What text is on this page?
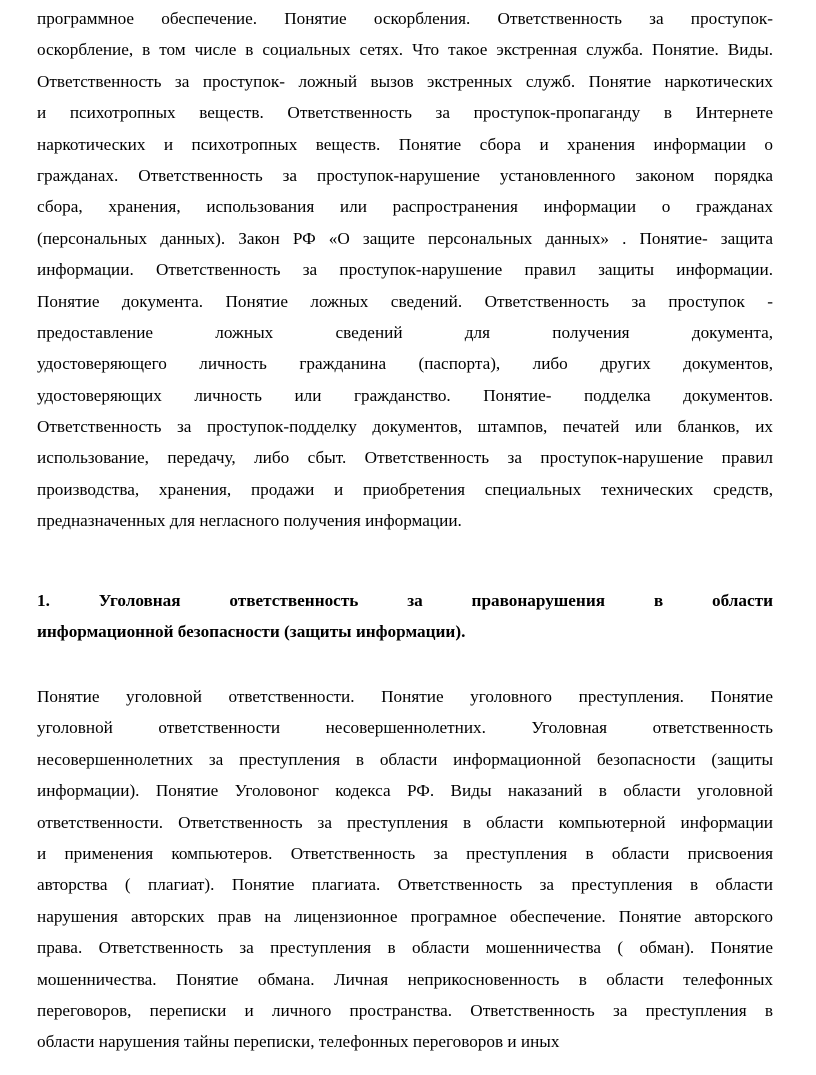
программное обеспечение. Понятие оскорбления. Ответственность за проступок-
оскорбление, в том числе в социальных сетях. Что такое экстренная служба. Понятие. Виды.
Ответственность за проступок- ложный вызов экстренных служб. Понятие наркотических
и психотропных веществ. Ответственность за проступок-пропаганду в Интернете
наркотических и психотропных веществ. Понятие сбора и хранения информации о
гражданах. Ответственность за проступок-нарушение установленного законом порядка
сбора, хранения, использования или распространения информации о гражданах
(персональных данных). Закон РФ «О защите персональных данных» . Понятие- защита
информации. Ответственность за проступок-нарушение правил защиты информации.
Понятие документа. Понятие ложных сведений. Ответственность за проступок -
предоставление ложных сведений для получения документа,
удостоверяющего личность гражданина (паспорта), либо других документов,
удостоверяющих личность или гражданство. Понятие- подделка документов.
Ответственность за проступок-подделку документов, штампов, печатей или бланков, их
использование, передачу, либо сбыт. Ответственность за проступок-нарушение правил
производства, хранения, продажи и приобретения специальных технических средств,
предназначенных для негласного получения информации.
1. Уголовная ответственность за правонарушения в области
информационной безопасности (защиты информации).
Понятие уголовной ответственности. Понятие уголовного преступления. Понятие
уголовной ответственности несовершеннолетних. Уголовная ответственность
несовершеннолетних за преступления в области информационной безопасности (защиты
информации). Понятие Уголовоног кодекса РФ. Виды наказаний в области уголовной
ответственности. Ответственность за преступления в области компьютерной информации
и применения компьютеров. Ответственность за преступления в области присвоения
авторства ( плагиат). Понятие плагиата. Ответственность за преступления в области
нарушения авторских прав на лицензионное програмное обеспечение. Понятие авторского
права. Ответственность за преступления в области мошенничества ( обман). Понятие
мошенничества. Понятие обмана. Личная неприкосновенность в области телефонных
переговоров, переписки и личного пространства. Ответственность за преступления в
области нарушения тайны переписки, телефонных переговоров и иных
